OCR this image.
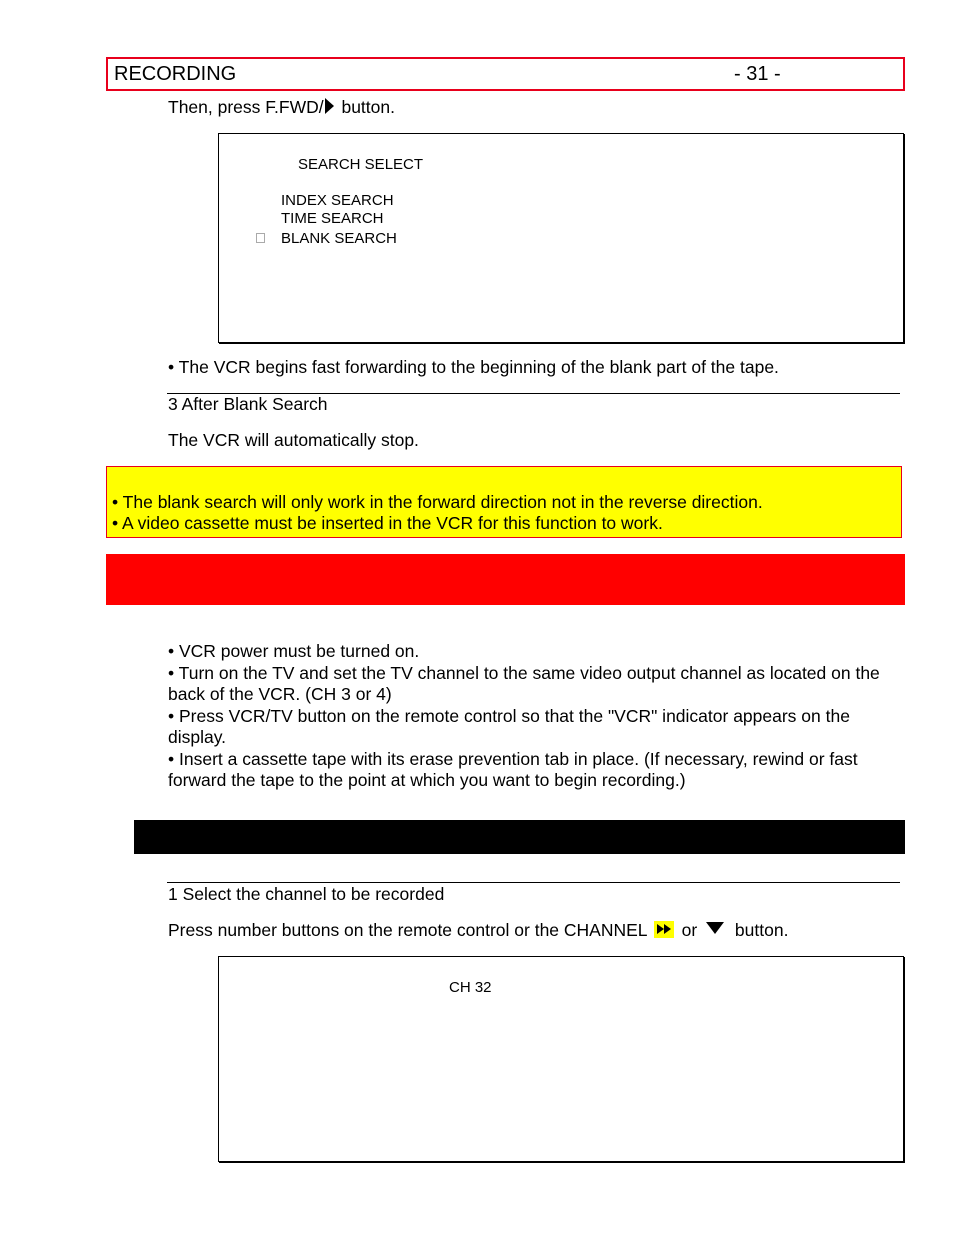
RECORDING	- 31 -
Then, press F.FWD/ button.
SEARCH SELECT
INDEX SEARCH
TIME SEARCH
BLANK SEARCH
• The VCR begins fast forwarding to the beginning of the blank part of the tape.
3 After Blank Search
The VCR will automatically stop.
• The blank search will only work in the forward direction not in the reverse direction.
• A video cassette must be inserted in the VCR for this function to work.
• VCR power must be turned on.
• Turn on the TV and set the TV channel to the same video output channel as located on the back of the VCR. (CH 3 or 4)
• Press VCR/TV button on the remote control so that the "VCR" indicator appears on the display.
• Insert a cassette tape with its erase prevention tab in place. (If necessary, rewind or fast forward the tape to the point at which you want to begin recording.)
1 Select the channel to be recorded
Press number buttons on the remote control or the CHANNEL
or  button.
CH 32
